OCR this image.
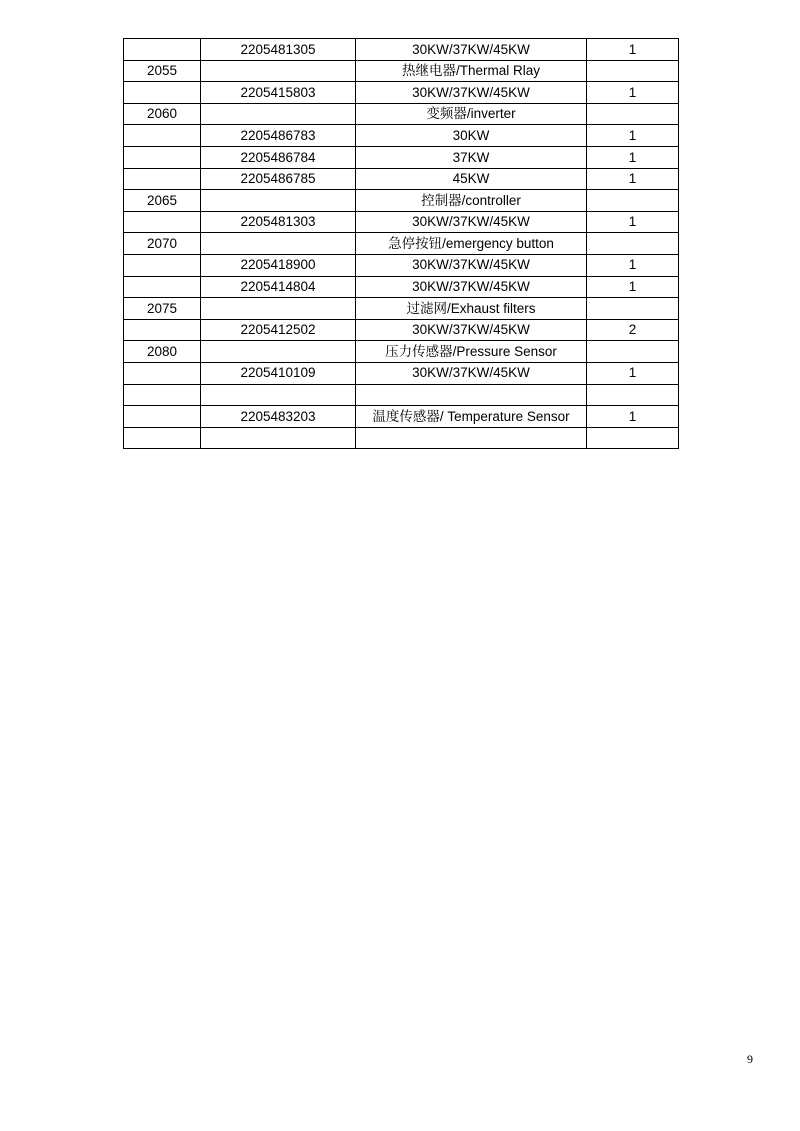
	2205481305	30KW/37KW/45KW	1
2055		热继电器/Thermal Rlay	
	2205415803	30KW/37KW/45KW	1
2060		变频器/inverter	
	2205486783	30KW	1
	2205486784	37KW	1
	2205486785	45KW	1
2065		控制器/controller	
	2205481303	30KW/37KW/45KW	1
2070		急停按钮/emergency button	
	2205418900	30KW/37KW/45KW	1
	2205414804	30KW/37KW/45KW	1
2075		过滤网/Exhaust filters	
	2205412502	30KW/37KW/45KW	2
2080		压力传感器/Pressure Sensor	
	2205410109	30KW/37KW/45KW	1

	2205483203	温度传感器/ Temperature Sensor	1

9
